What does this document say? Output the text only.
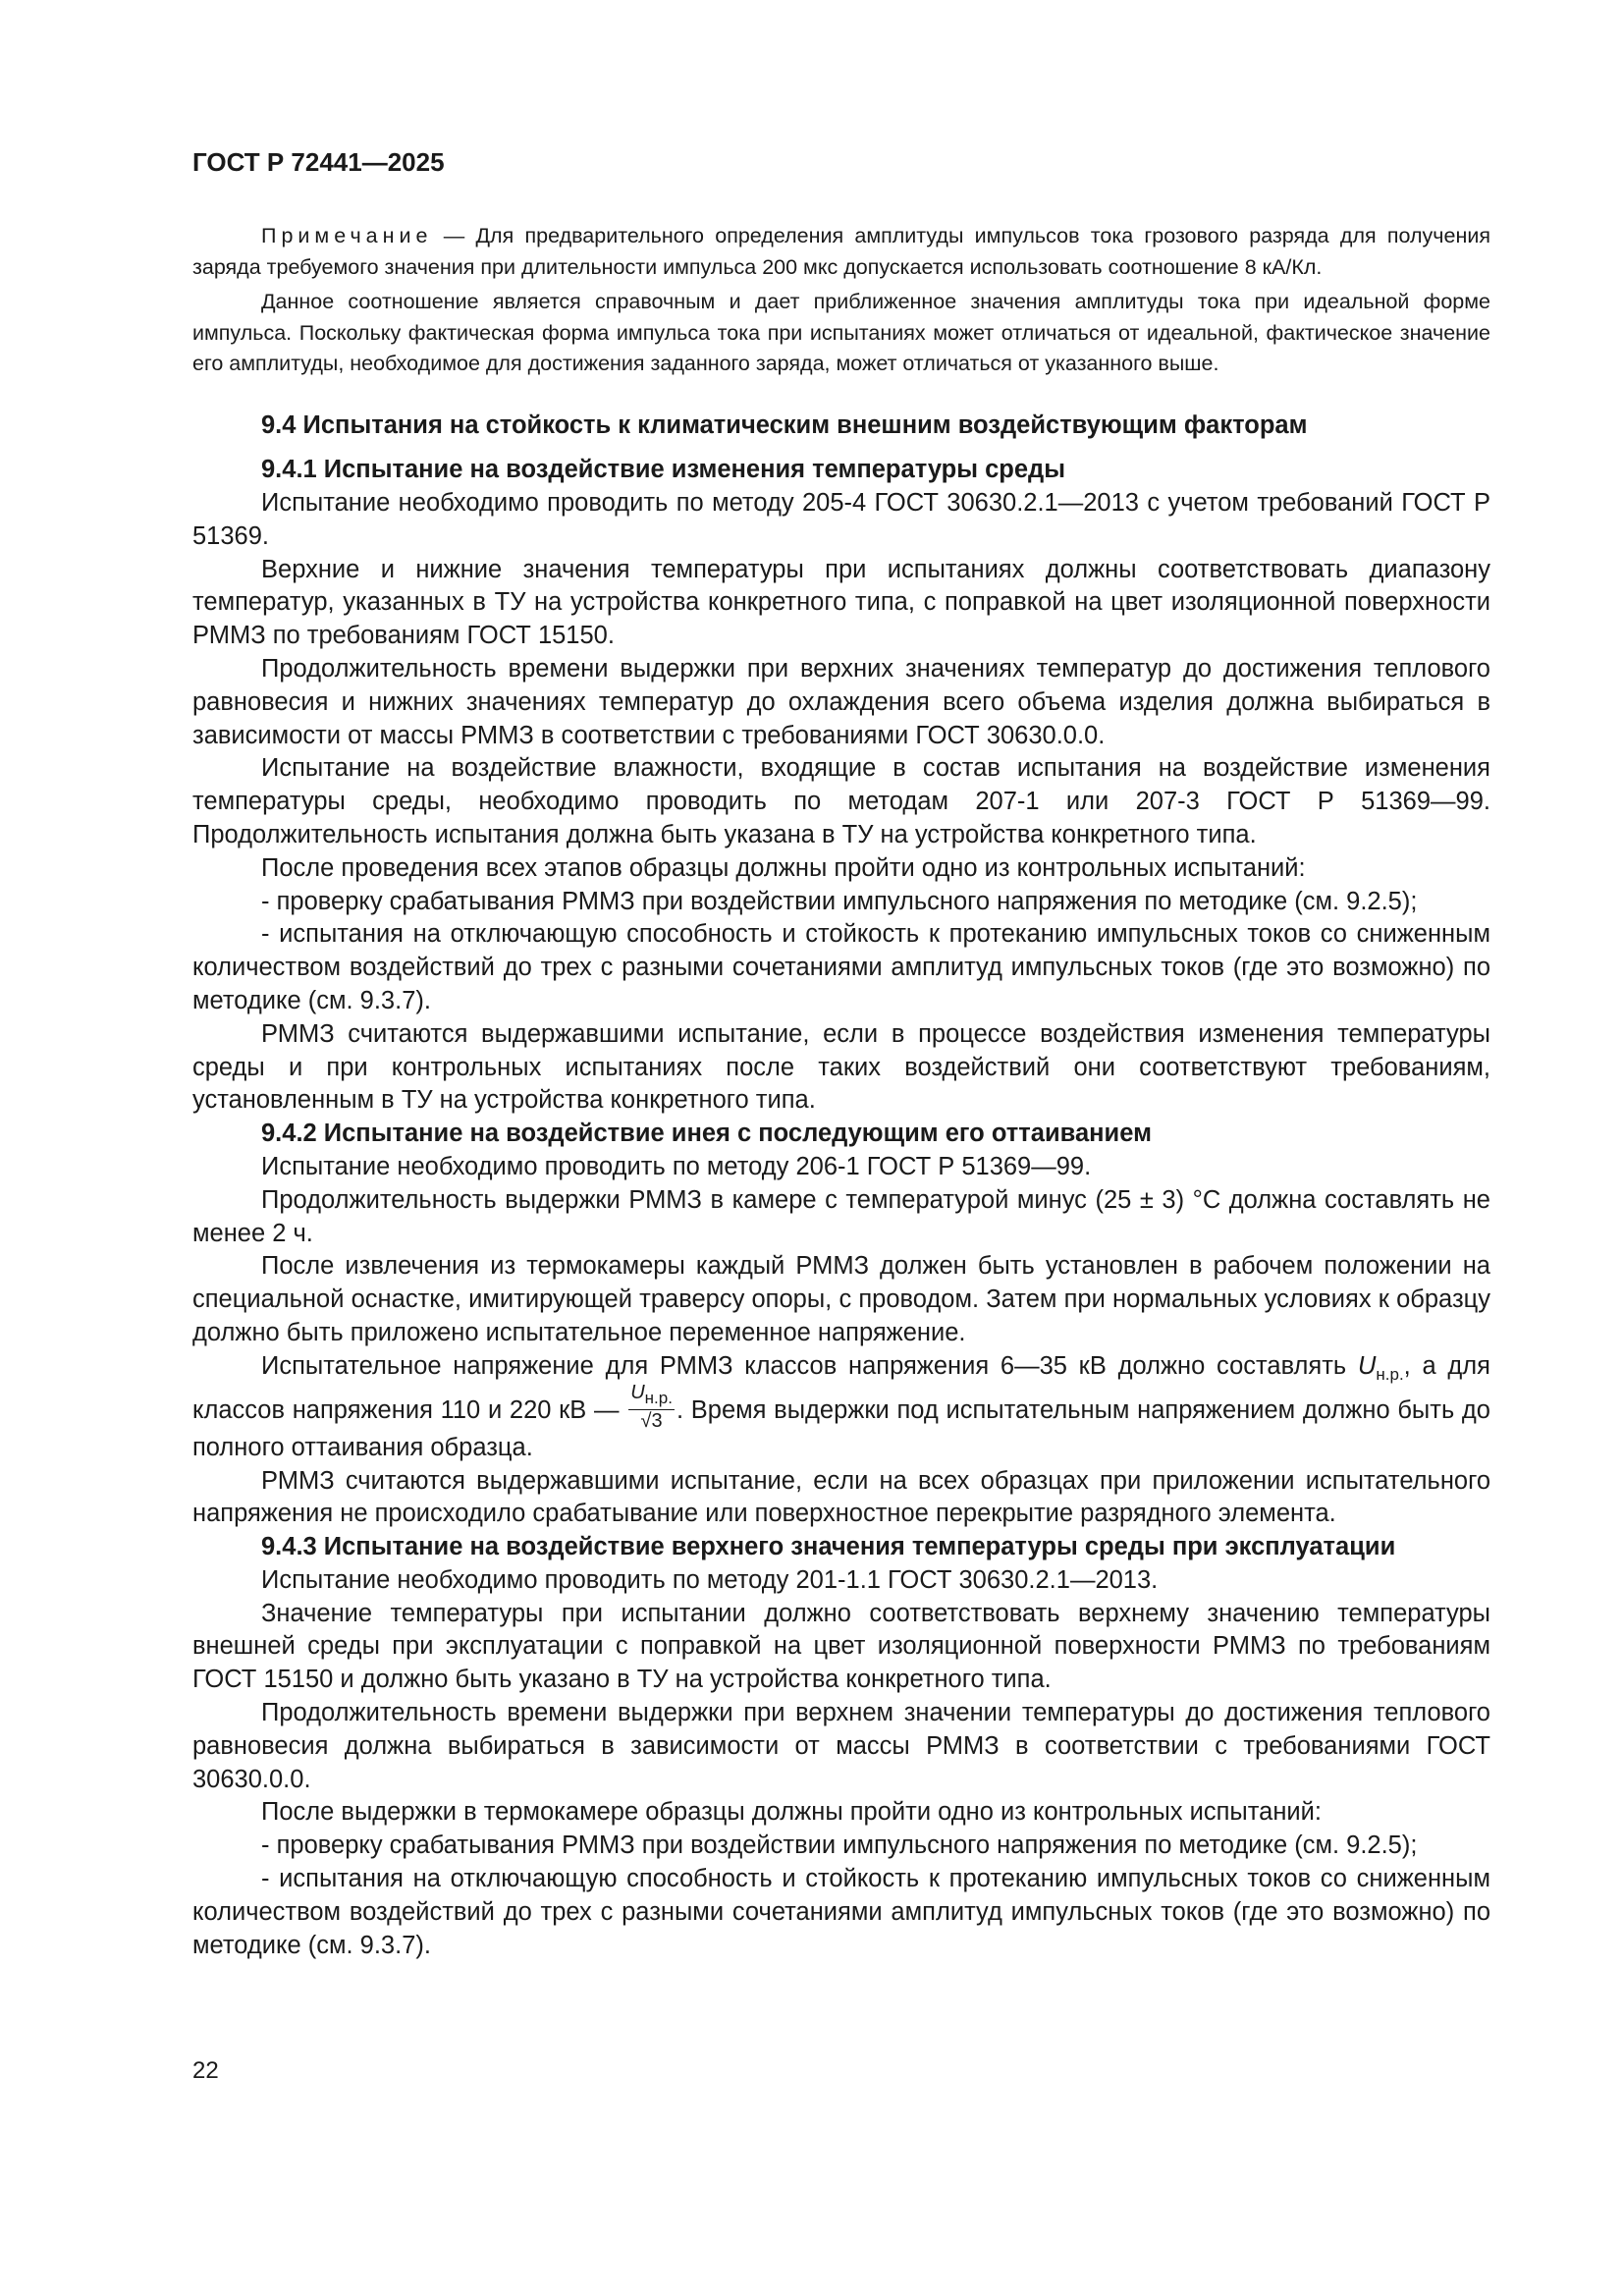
ГОСТ Р 72441—2025

Примечание — Для предварительного определения амплитуды импульсов тока грозового разряда для получения заряда требуемого значения при длительности импульса 200 мкс допускается использовать соотношение 8 кА/Кл.

Данное соотношение является справочным и дает приближенное значения амплитуды тока при идеальной форме импульса. Поскольку фактическая форма импульса тока при испытаниях может отличаться от идеальной, фактическое значение его амплитуды, необходимое для достижения заданного заряда, может отличаться от указанного выше.

9.4 Испытания на стойкость к климатическим внешним воздействующим факторам

9.4.1 Испытание на воздействие изменения температуры среды

Испытание необходимо проводить по методу 205-4 ГОСТ 30630.2.1—2013 с учетом требований ГОСТ Р 51369.

Верхние и нижние значения температуры при испытаниях должны соответствовать диапазону температур, указанных в ТУ на устройства конкретного типа, с поправкой на цвет изоляционной поверхности РММЗ по требованиям ГОСТ 15150.

Продолжительность времени выдержки при верхних значениях температур до достижения теплового равновесия и нижних значениях температур до охлаждения всего объема изделия должна выбираться в зависимости от массы РММЗ в соответствии с требованиями ГОСТ 30630.0.0.

Испытание на воздействие влажности, входящие в состав испытания на воздействие изменения температуры среды, необходимо проводить по методам 207-1 или 207-3 ГОСТ Р 51369—99. Продолжительность испытания должна быть указана в ТУ на устройства конкретного типа.

После проведения всех этапов образцы должны пройти одно из контрольных испытаний:

- проверку срабатывания РММЗ при воздействии импульсного напряжения по методике (см. 9.2.5);

- испытания на отключающую способность и стойкость к протеканию импульсных токов со сниженным количеством воздействий до трех с разными сочетаниями амплитуд импульсных токов (где это возможно) по методике (см. 9.3.7).

РММЗ считаются выдержавшими испытание, если в процессе воздействия изменения температуры среды и при контрольных испытаниях после таких воздействий они соответствуют требованиям, установленным в ТУ на устройства конкретного типа.

9.4.2 Испытание на воздействие инея с последующим его оттаиванием

Испытание необходимо проводить по методу 206-1 ГОСТ Р 51369—99.

Продолжительность выдержки РММЗ в камере с температурой минус (25 ± 3) °С должна составлять не менее 2 ч.

После извлечения из термокамеры каждый РММЗ должен быть установлен в рабочем положении на специальной оснастке, имитирующей траверсу опоры, с проводом. Затем при нормальных условиях к образцу должно быть приложено испытательное переменное напряжение.

Испытательное напряжение для РММЗ классов напряжения 6—35 кВ должно составлять $U_{н.р.}$, а для классов напряжения 110 и 220 кВ — $\frac{U_{н.р.}}{√3}$ . Время выдержки под испытательным напряжением должно быть до полного оттаивания образца.

РММЗ считаются выдержавшими испытание, если на всех образцах при приложении испытательного напряжения не происходило срабатывание или поверхностное перекрытие разрядного элемента.

9.4.3 Испытание на воздействие верхнего значения температуры среды при эксплуатации

Испытание необходимо проводить по методу 201-1.1 ГОСТ 30630.2.1—2013.

Значение температуры при испытании должно соответствовать верхнему значению температуры внешней среды при эксплуатации с поправкой на цвет изоляционной поверхности РММЗ по требованиям ГОСТ 15150 и должно быть указано в ТУ на устройства конкретного типа.

Продолжительность времени выдержки при верхнем значении температуры до достижения теплового равновесия должна выбираться в зависимости от массы РММЗ в соответствии с требованиями ГОСТ 30630.0.0.

После выдержки в термокамере образцы должны пройти одно из контрольных испытаний:

- проверку срабатывания РММЗ при воздействии импульсного напряжения по методике (см. 9.2.5);

- испытания на отключающую способность и стойкость к протеканию импульсных токов со сниженным количеством воздействий до трех с разными сочетаниями амплитуд импульсных токов (где это возможно) по методике (см. 9.3.7).

22
